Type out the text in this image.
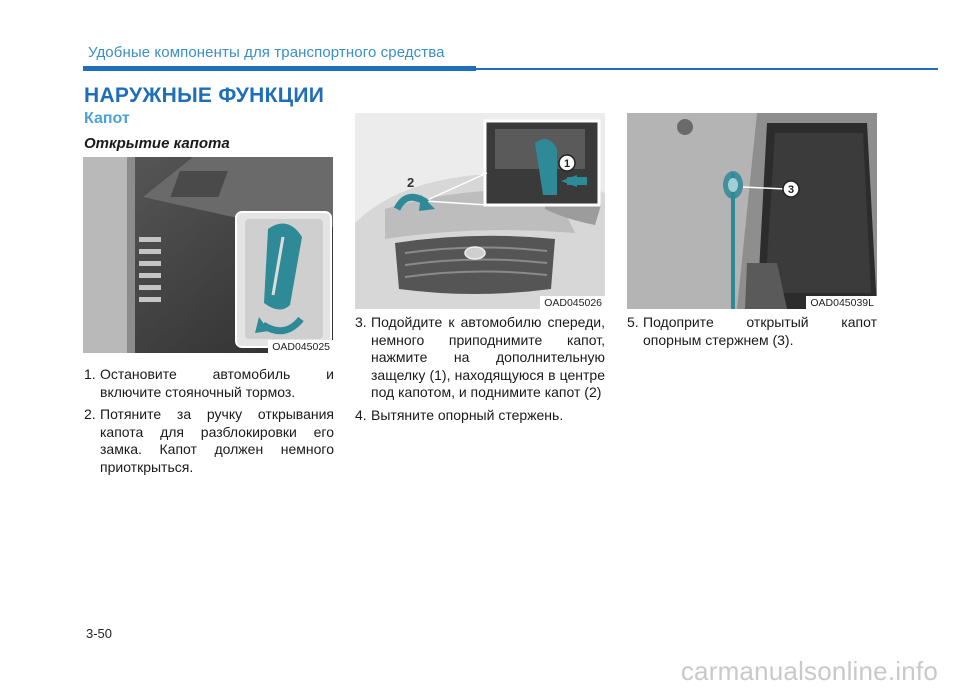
Удобные компоненты для транспортного средства
НАРУЖНЫЕ ФУНКЦИИ
Капот
Открытие капота
OAD045025
1
2
OAD045026
3
OAD045039L
1. Остановите автомобиль и включите стояночный тормоз.
2. Потяните за ручку открывания капота для разблокировки его замка. Капот должен немного приоткрыться.
3. Подойдите к автомобилю спереди, немного приподнимите капот, нажмите на дополнительную защелку (1), находящуюся в центре под капотом, и поднимите капот (2)
4. Вытяните опорный стержень.
5. Подоприте открытый капот опорным стержнем (3).
3-50
carmanualsonline.info
